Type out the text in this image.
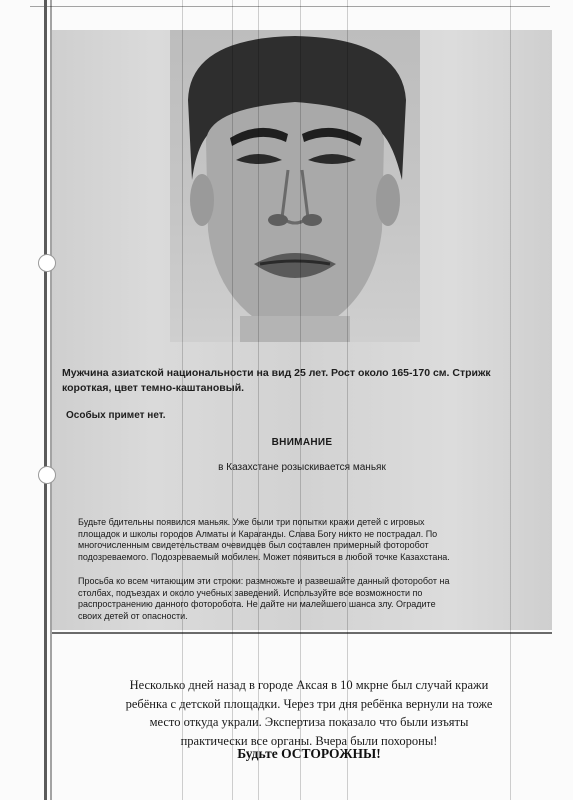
Мужчина азиатской национальности на вид 25 лет. Рост около 165-170 см. Стрижк
короткая, цвет темно-каштановый.
Особых примет нет.
ВНИМАНИЕ
в Казахстане розыскивается маньяк
Будьте бдительны появился маньяк. Уже были три попытки кражи детей с игровых
площадок и школы городов Алматы и Караганды. Слава Богу никто не пострадал. По
многочисленным свидетельствам очевидцев был составлен примерный фоторобот
подозреваемого. Подозреваемый мобилен. Может появиться в любой точке Казахстана.
Просьба ко всем читающим эти строки: размножьте и развешайте данный фоторобот на
столбах, подъездах и около учебных заведений. Используйте все возможности по
распространению данного фоторобота. Не дайте ни малейшего шанса злу. Оградите
своих детей от опасности.
Несколько дней назад в городе Аксая в 10 мкрне был случай кражи
ребёнка с детской площадки. Через три дня ребёнка вернули на тоже
место откуда украли. Экспертиза показало что были изъяты
практически все органы. Вчера были похороны!
Будьте ОСТОРОЖНЫ!
